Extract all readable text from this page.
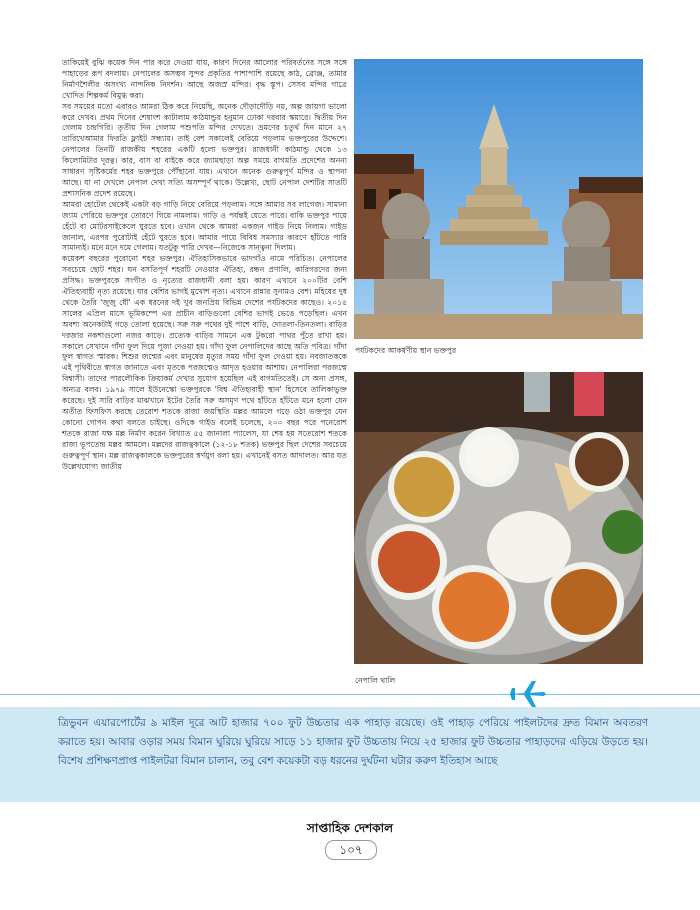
তাকিয়েই বুঝি কয়েক দিন পার করে দেওয়া যায়, কারণ দিনের আলোর পরিবর্তনের সঙ্গে সঙ্গে পাহাড়ের রূপ বদলায়। নেপালের অসম্ভব সুন্দর প্রকৃতির পাশাপাশি রয়েছে কাঠ, ব্রোঞ্জ, তামার নির্মাণশৈলীর অসংখ্য নান্দনিক নিদর্শন। আছে অজস্র মন্দির। বৃদ্ধ স্তূপ। সেসব মন্দির গাত্রে খোদিত শিল্পকর্ম বিমুগ্ধ করা।

সব সময়ের মতো এবারও আমরা ঠিক করে নিয়েছি, অনেক দৌড়াদৌড়ি নয়, অল্প জায়গা ভালো করে দেখব। প্রথম দিনের শেষাংশ কাটালাম কাঠমান্ডুর হনুমান ঢোকা দরবার স্কয়ারে। দ্বিতীয় দিন গেলাম চন্দ্রগিরি। তৃতীয় দিন গেলাম পশুপতি মন্দির দেখতে। ভ্রমণের চতুর্থ দিন মানে ২৭ তারিখেআমার ফিরতি ফ্লাইট সন্ধ্যায়। তাই বেশ সকালেই বেরিয়ে পড়লাম ভক্তপুরের উদ্দেশে। নেপালের তিনটি রাজকীয় শহরের একটি হলো ভক্তপুর। রাজধানী কাঠমান্ডু থেকে ১৩ কিলোমিটার দূরত্ব। কার, বাস বা বাইকে করে জ্যামছাড়া অল্প সময়ে বাগমতি প্রদেশের অনন্য সাধারণ সৃষ্টিকর্মের শহর ভক্তপুরে পৌঁছানো যায়। এখানে অনেক গুরুত্বপূর্ণ মন্দির ও স্থাপনা আছে। যা না দেখলে নেপাল দেখা সত্যি অসম্পূর্ণ থাকে। উল্লেখ্য, ছোট নেপাল দেশটির সাতটি প্রশাসনিক প্রদেশ রয়েছে।

আমরা হোটেল থেকেই একটা বড় গাড়ি নিয়ে বেরিয়ে পড়লাম। সঙ্গে আমার সব লাগেজ। সামান্য জ্যাম পেরিয়ে ভক্তপুর তোরণে গিয়ে নামলাম। গাড়ি ও পর্যন্তই যেতে পারে। বাকি ভক্তপুর পায়ে হেঁটে বা মোটরসাইকেলে ঘুরতে হবে। ওখান থেকে আমরা একজন গাইড নিয়ে নিলাম। গাইড জানাল, এরপর পুরোটাই হেঁটে ঘুরতে হবে। আমার পায়ে বিবিধ সমস্যার কারণে হাঁটতে পারি সামান্যই। মনে মনে দমে গেলাম। যতটুকু পারি দেখব—নিজেকে সান্ত্বনা দিলাম।

কয়েকশ বছরের পুরোনো শহর ভক্তপুর। ঐতিহাসিকভাবে ভাদগাঁও নামে পরিচিত। নেপালের সবচেয়ে ছোট শহর। ঘন বসতিপূর্ণ শহরটি নেওয়ার ঐতিহ্য, রন্ধন প্রণালি, কারিগরদের জন্য প্রসিদ্ধ। ভক্তপুরকে সংগীত ও নৃত্যের রাজধানী বলা হয়। কারণ এখানে ২০০টির বেশি ঐতিহ্যবাহী নৃত্য রয়েছে। যার বেশির ভাগই মুখোশ নৃত্য। এখানে রান্নার সুনামও বেশ। মহিষের দুধ থেকে তৈরি 'জুজু ধৌ' এক ধরনের দই খুব জনপ্রিয় বিভিন্ন দেশের পর্যটকদের কাছেও। ২০১৫ সালের এপ্রিল মাসে ভূমিকম্পে এর প্রাচীন বাড়িগুলো বেশির ভাগই ভেঙে পড়েছিল। এখন অবশ্য অনেকটাই গড়ে তোলা হয়েছে। সরু সরু পথের দুই পাশে বাড়ি, দোতলা-তিনতলা। বাড়ির দরজার নকশাগুলো নজর কাড়ে। প্রত্যেক বাড়ির সামনে এক টুকরো পাথর পুঁতে রাখা হয়। সকালে সেখানে গাঁদা ফুল দিয়ে পূজা দেওয়া হয়। গাঁদা ফুল নেপালিদের কাছে অতি পবিত্র। গাঁদা ফুল স্বাগত স্মারক। শিশুর জন্মের এবং মানুষের মৃত্যুর সময় গাঁদা ফুল দেওয়া হয়। নবজাতককে এই পৃথিবীতে স্বাগত জানাতে এবং মৃতকে পরজন্মেও আদৃত হওয়ার আশায়। নেপালিরা পরজন্মে বিশ্বাসী। তাদের পারলৌকিক ক্রিয়াকর্ম দেখার সুযোগ হয়েছিল এই বাগমতিতেই। সে অন্য প্রসঙ্গ, অন্যত্র বলব। ১৯৭৯ সালে ইউনেস্কো ভক্তপুরকে 'বিশ্ব ঐতিহ্যবাহী স্থান' হিসেবে তালিকাভুক্ত করেছে। দুই সারি বাড়ির মাঝখানে ইটের তৈরি সরু অসমৃণ পথে হাঁটতে হাঁটতে মনে হলো যেন অতীত ফিসফিস করছে তেরোশ শতকে রাজা জয়স্থিতি মল্লর আমলে গড়ে ওঠা ভক্তপুর যেন কোনো গোপন কথা বলতে চাইছে। ওদিকে গাইড বলেই চলেছে, ২০০ বছর পরে পনেরোশ শতকে রাজা যক্ষ মল্ল নির্মাণ করেন বিখ্যাত ৫৫ জানালা প্যালেস, যা শেষ হয় সতেরোশ শতকে রাজা ভূপতেন্দ্র মল্লর আমলে। মল্লদের রাজত্বকালে (১২-১৮ শতক) ভক্তপুর ছিল দেশের সবচেয়ে গুরুত্বপূর্ণ স্থান। মল্ল রাজত্বকালকে ভক্তপুরের স্বর্ণযুগ বলা হয়। এখানেই বসত আদালত। আর যত উল্লেখযোগ্য জাতীয়

পর্যটকদের আকর্ষণীয় স্থান ভক্তপুর
নেপালি থালি
ত্রিভুবন এয়ারপোর্টের ৯ মাইল দূরে আট হাজার ৭০০ ফুট উচ্চতার এক পাহাড় রয়েছে। ওই পাহাড় পেরিয়ে পাইলটদের দ্রুত বিমান অবতরণ করাতে হয়। আবার ওড়ার সময় বিমান ঘুরিয়ে ঘুরিয়ে সাড়ে ১১ হাজার ফুট উচ্চতায় নিয়ে ২৫ হাজার ফুট উচ্চতার পাহাড়দের এড়িয়ে উড়তে হয়। বিশেষ প্রশিক্ষণপ্রাপ্ত পাইলটরা বিমান চালান, তবু বেশ কয়েকটা বড় ধরনের দুর্ঘটনা ঘটার করুণ ইতিহাস আছে
সাপ্তাহিক দেশকাল
১০৭
